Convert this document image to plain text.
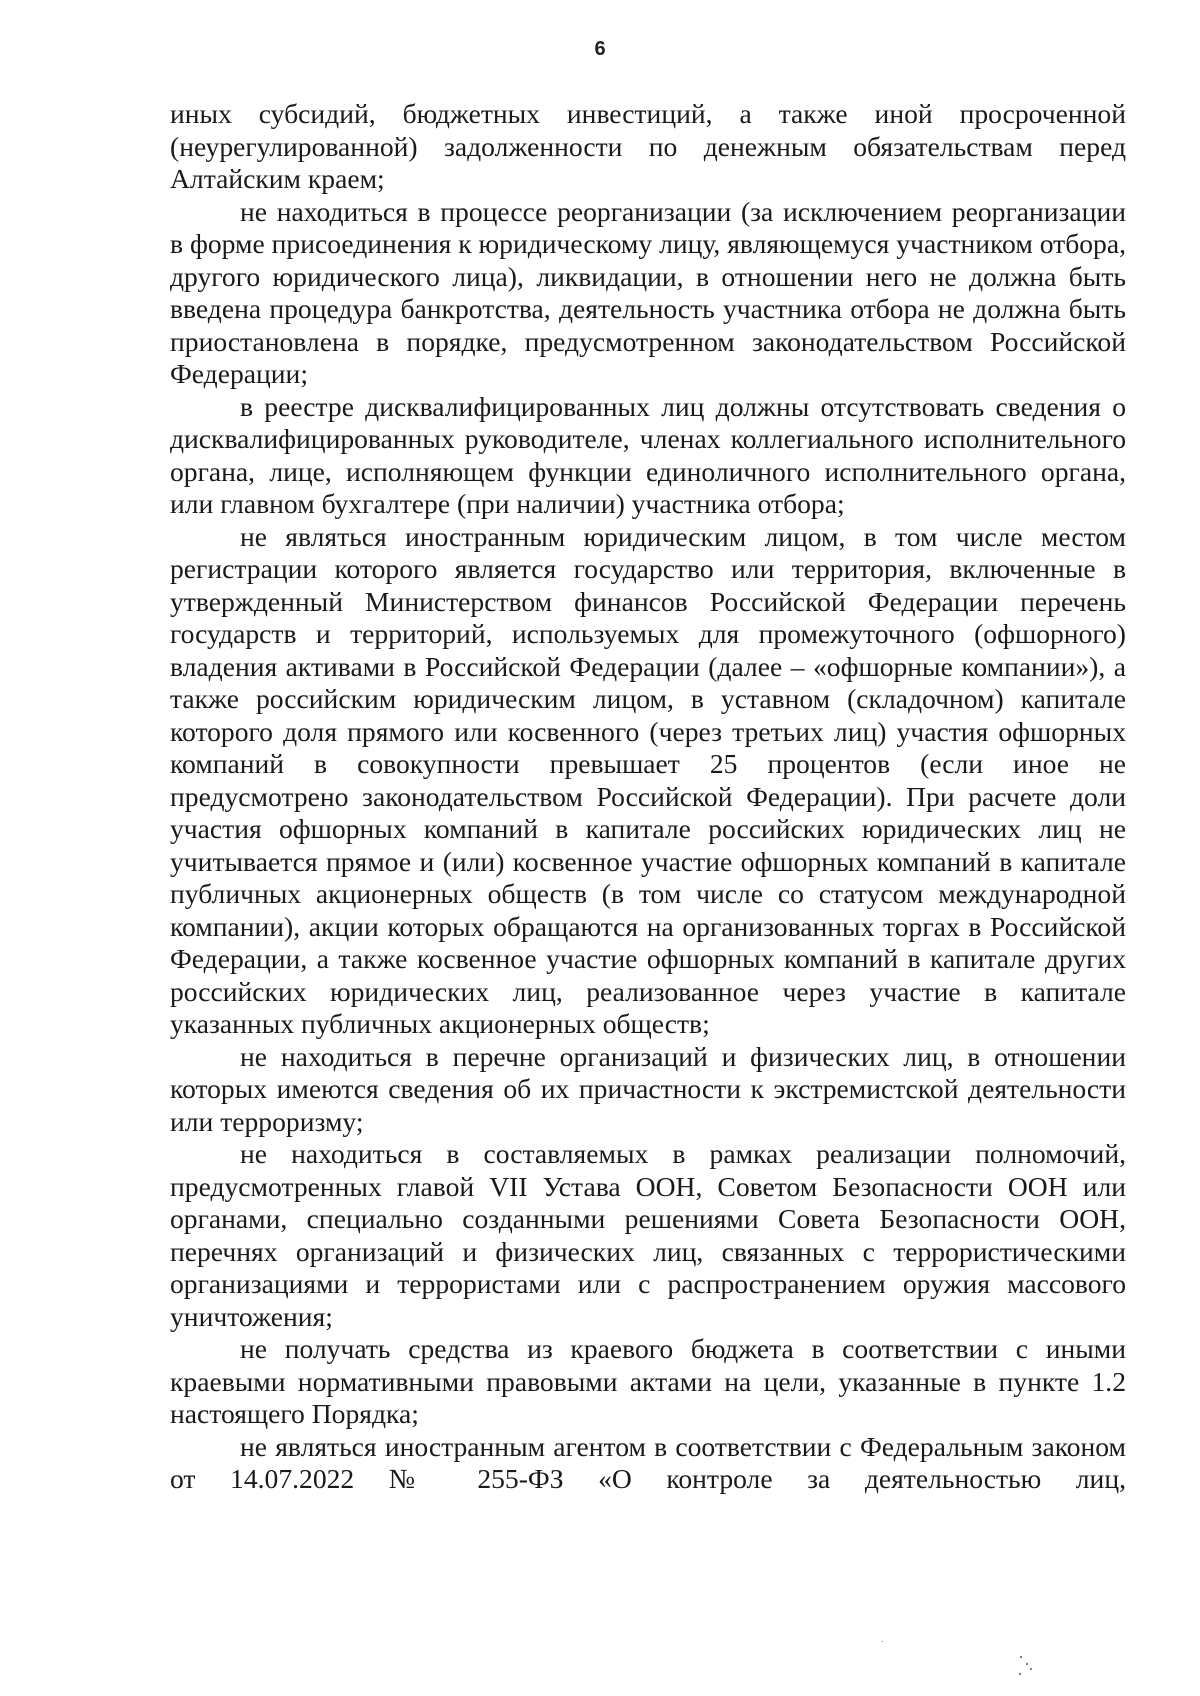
6

иных субсидий, бюджетных инвестиций, а также иной просроченной (неурегулированной) задолженности по денежным обязательствам перед Алтайским краем;

не находиться в процессе реорганизации (за исключением реорганизации в форме присоединения к юридическому лицу, являющемуся участником отбора, другого юридического лица), ликвидации, в отношении него не должна быть введена процедура банкротства, деятельность участника отбора не должна быть приостановлена в порядке, предусмотренном законодательством Российской Федерации;

в реестре дисквалифицированных лиц должны отсутствовать сведения о дисквалифицированных руководителе, членах коллегиального исполнительного органа, лице, исполняющем функции единоличного исполнительного органа, или главном бухгалтере (при наличии) участника отбора;

не являться иностранным юридическим лицом, в том числе местом регистрации которого является государство или территория, включенные в утвержденный Министерством финансов Российской Федерации перечень государств и территорий, используемых для промежуточного (офшорного) владения активами в Российской Федерации (далее – «офшорные компании»), а также российским юридическим лицом, в уставном (складочном) капитале которого доля прямого или косвенного (через третьих лиц) участия офшорных компаний в совокупности превышает 25 процентов (если иное не предусмотрено законодательством Российской Федерации). При расчете доли участия офшорных компаний в капитале российских юридических лиц не учитывается прямое и (или) косвенное участие офшорных компаний в капитале публичных акционерных обществ (в том числе со статусом международной компании), акции которых обращаются на организованных торгах в Российской Федерации, а также косвенное участие офшорных компаний в капитале других российских юридических лиц, реализованное через участие в капитале указанных публичных акционерных обществ;

не находиться в перечне организаций и физических лиц, в отношении которых имеются сведения об их причастности к экстремистской деятельности или терроризму;

не находиться в составляемых в рамках реализации полномочий, предусмотренных главой VII Устава ООН, Советом Безопасности ООН или органами, специально созданными решениями Совета Безопасности ООН, перечнях организаций и физических лиц, связанных с террористическими организациями и террористами или с распространением оружия массового уничтожения;

не получать средства из краевого бюджета в соответствии с иными краевыми нормативными правовыми актами на цели, указанные в пункте 1.2 настоящего Порядка;

не являться иностранным агентом в соответствии с Федеральным законом от 14.07.2022 № 255-ФЗ «О контроле за деятельностью лиц,
